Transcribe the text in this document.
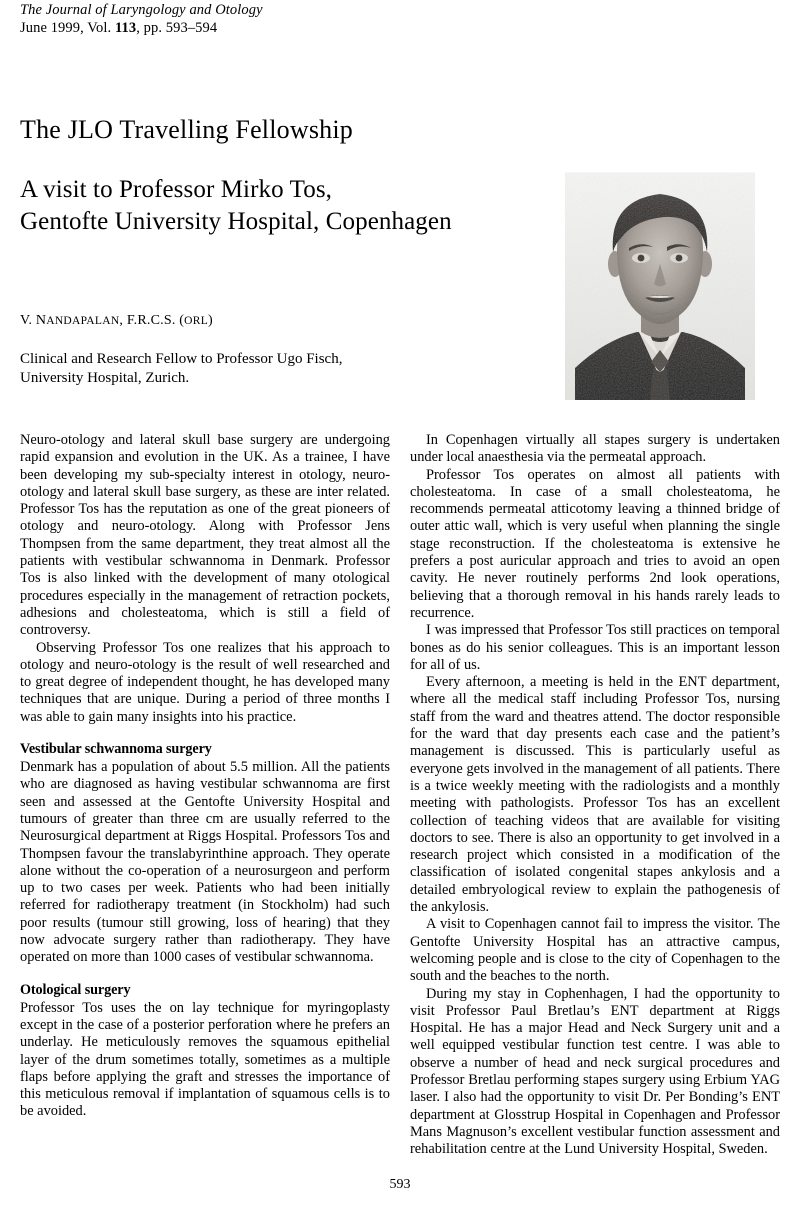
The Journal of Laryngology and Otology
June 1999, Vol. 113, pp. 593–594
The JLO Travelling Fellowship
A visit to Professor Mirko Tos,
Gentofte University Hospital, Copenhagen
V. NANDAPALAN, F.R.C.S. (ORL)
Clinical and Research Fellow to Professor Ugo Fisch,
University Hospital, Zurich.

Neuro-otology and lateral skull base surgery are undergoing rapid expansion and evolution in the UK. As a trainee, I have been developing my sub-specialty interest in otology, neuro-otology and lateral skull base surgery, as these are inter related. Professor Tos has the reputation as one of the great pioneers of otology and neuro-otology. Along with Professor Jens Thompsen from the same department, they treat almost all the patients with vestibular schwannoma in Denmark. Professor Tos is also linked with the development of many otological procedures especially in the management of retraction pockets, adhesions and cholesteatoma, which is still a field of controversy.

Observing Professor Tos one realizes that his approach to otology and neuro-otology is the result of well researched and to great degree of independent thought, he has developed many techniques that are unique. During a period of three months I was able to gain many insights into his practice.

Vestibular schwannoma surgery

Denmark has a population of about 5.5 million. All the patients who are diagnosed as having vestibular schwannoma are first seen and assessed at the Gentofte University Hospital and tumours of greater than three cm are usually referred to the Neurosurgical department at Riggs Hospital. Professors Tos and Thompsen favour the translabyrinthine approach. They operate alone without the co-operation of a neurosurgeon and perform up to two cases per week. Patients who had been initially referred for radiotherapy treatment (in Stockholm) had such poor results (tumour still growing, loss of hearing) that they now advocate surgery rather than radiotherapy. They have operated on more than 1000 cases of vestibular schwannoma.

Otological surgery

Professor Tos uses the on lay technique for myringoplasty except in the case of a posterior perforation where he prefers an underlay. He meticulously removes the squamous epithelial layer of the drum sometimes totally, sometimes as a multiple flaps before applying the graft and stresses the importance of this meticulous removal if implantation of squamous cells is to be avoided.

In Copenhagen virtually all stapes surgery is undertaken under local anaesthesia via the permeatal approach.

Professor Tos operates on almost all patients with cholesteatoma. In case of a small cholesteatoma, he recommends permeatal atticotomy leaving a thinned bridge of outer attic wall, which is very useful when planning the single stage reconstruction. If the cholesteatoma is extensive he prefers a post auricular approach and tries to avoid an open cavity. He never routinely performs 2nd look operations, believing that a thorough removal in his hands rarely leads to recurrence.

I was impressed that Professor Tos still practices on temporal bones as do his senior colleagues. This is an important lesson for all of us.

Every afternoon, a meeting is held in the ENT department, where all the medical staff including Professor Tos, nursing staff from the ward and theatres attend. The doctor responsible for the ward that day presents each case and the patient’s management is discussed. This is particularly useful as everyone gets involved in the management of all patients. There is a twice weekly meeting with the radiologists and a monthly meeting with pathologists. Professor Tos has an excellent collection of teaching videos that are available for visiting doctors to see. There is also an opportunity to get involved in a research project which consisted in a modification of the classification of isolated congenital stapes ankylosis and a detailed embryological review to explain the pathogenesis of the ankylosis.

A visit to Copenhagen cannot fail to impress the visitor. The Gentofte University Hospital has an attractive campus, welcoming people and is close to the city of Copenhagen to the south and the beaches to the north.

During my stay in Cophenhagen, I had the opportunity to visit Professor Paul Bretlau’s ENT department at Riggs Hospital. He has a major Head and Neck Surgery unit and a well equipped vestibular function test centre. I was able to observe a number of head and neck surgical procedures and Professor Bretlau performing stapes surgery using Erbium YAG laser. I also had the opportunity to visit Dr. Per Bonding’s ENT department at Glosstrup Hospital in Copenhagen and Professor Mans Magnuson’s excellent vestibular function assessment and rehabilitation centre at the Lund University Hospital, Sweden.

593
